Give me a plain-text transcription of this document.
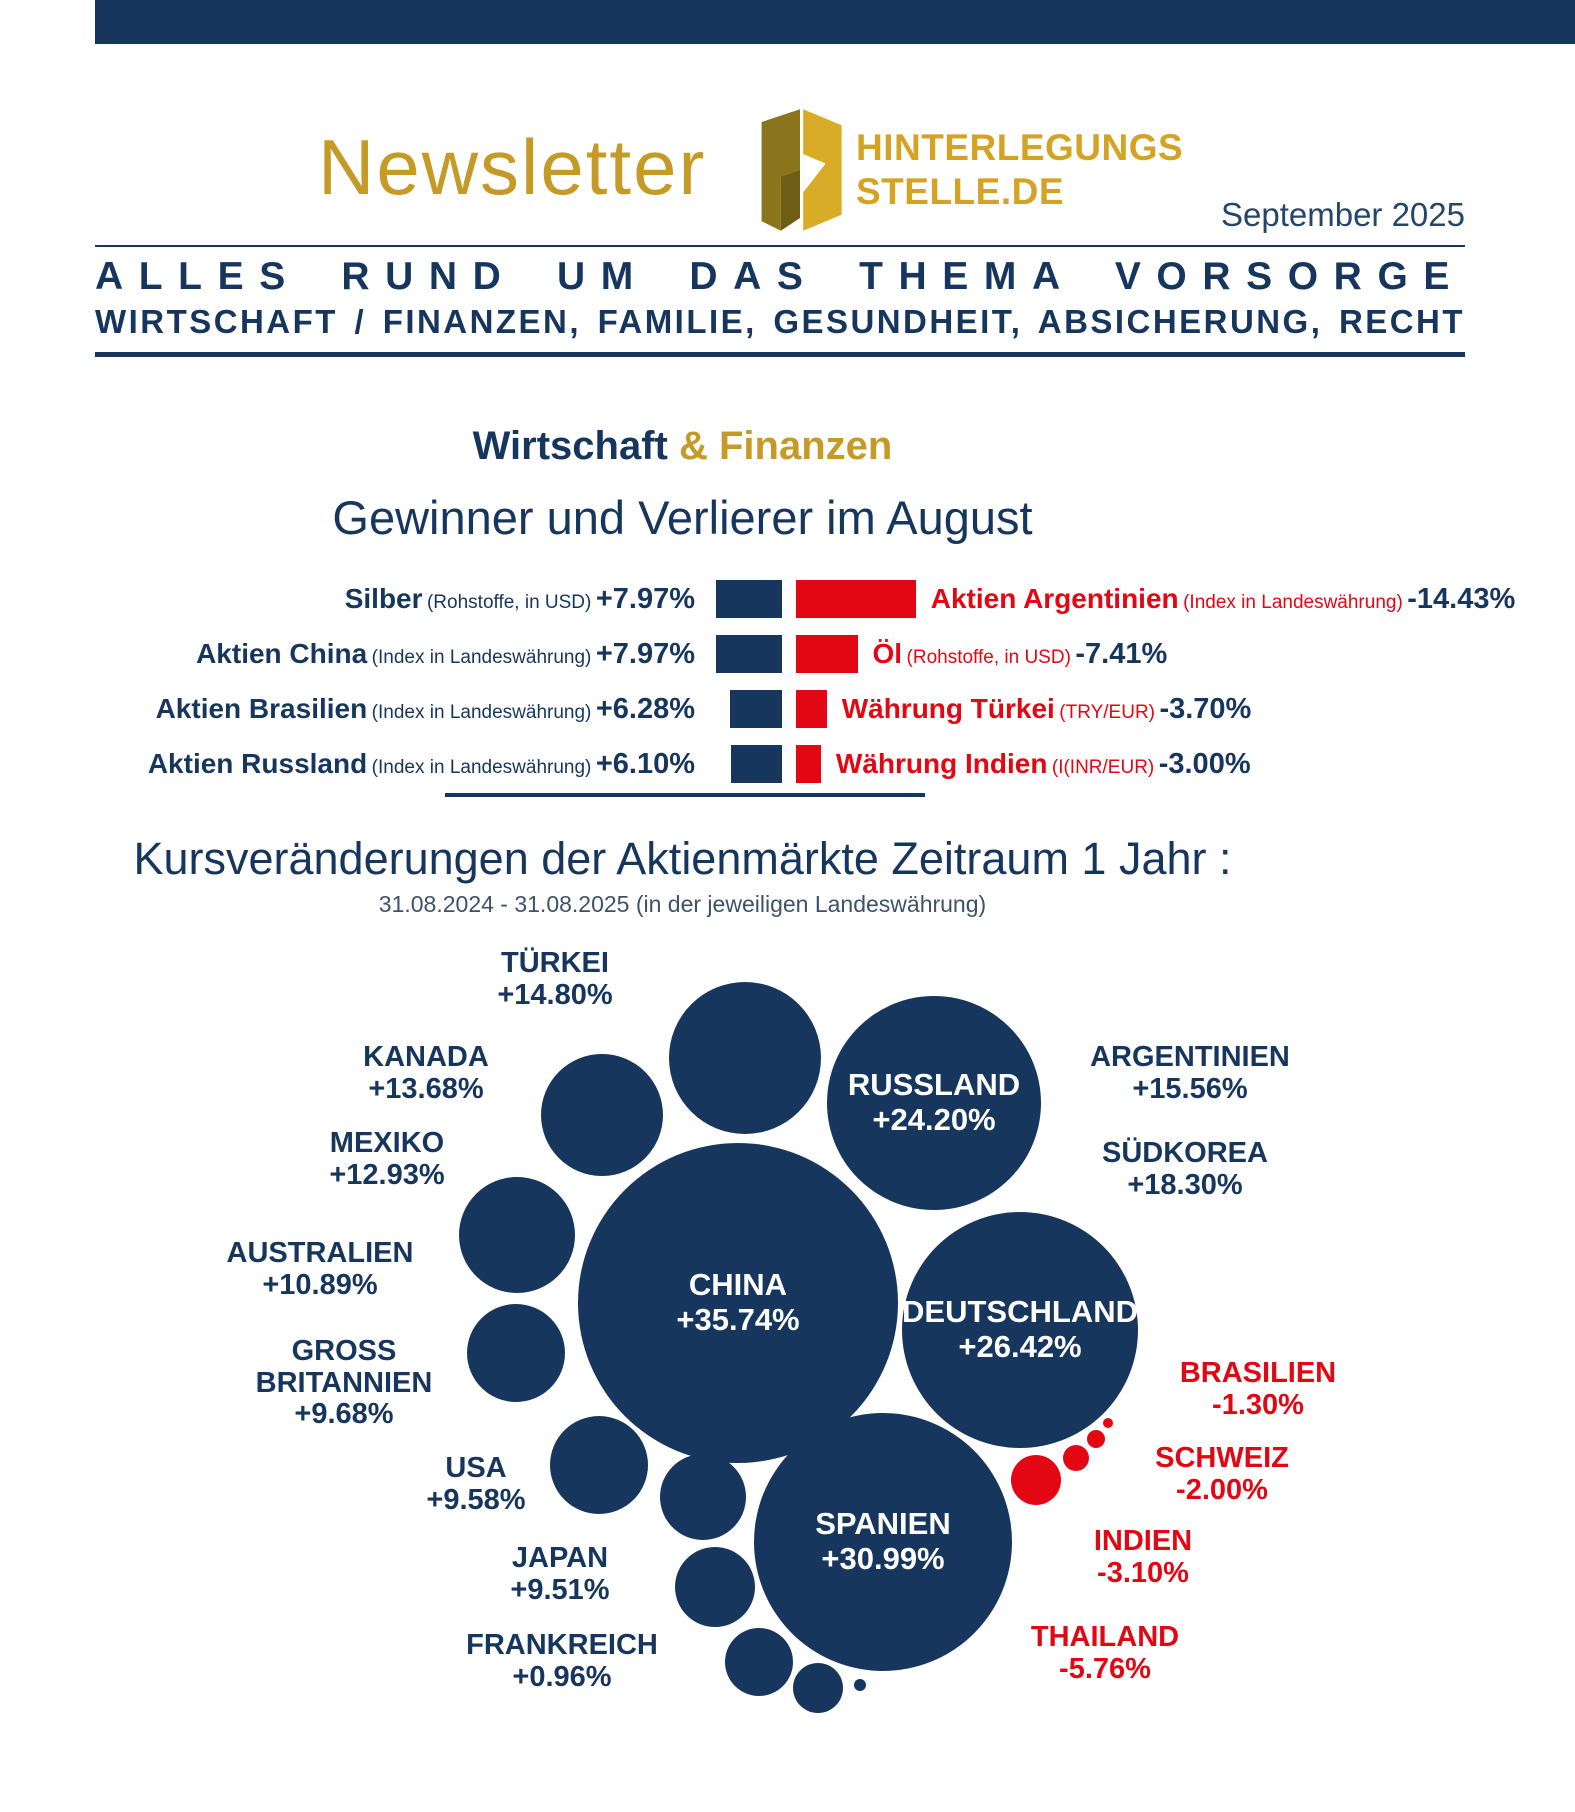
Newsletter	HINTERLEGUNGS
STELLE.DE
September 2025
ALLES RUND UM DAS THEMA VORSORGE
WIRTSCHAFT / FINANZEN, FAMILIE, GESUNDHEIT, ABSICHERUNG, RECHT
Wirtschaft & Finanzen
Gewinner und Verlierer im August
Silber (Rohstoffe, in USD) +7.97%
Aktien China (Index in Landeswährung) +7.97%
Aktien Brasilien (Index in Landeswährung) +6.28%
Aktien Russland (Index in Landeswährung) +6.10%
Aktien Argentinien (Index in Landeswährung) -14.43%
Öl (Rohstoffe, in USD) -7.41%
Währung Türkei (TRY/EUR) -3.70%
Währung Indien (I(INR/EUR) -3.00%
Kursveränderungen der Aktienmärkte Zeitraum 1 Jahr :
31.08.2024 - 31.08.2025 (in der jeweiligen Landeswährung)
CHINA
+35.74%
SPANIEN
+30.99%
DEUTSCHLAND
+26.42%
RUSSLAND
+24.20%
TÜRKEI
+14.80%
KANADA
+13.68%
MEXIKO
+12.93%
AUSTRALIEN
+10.89%
GROSS
BRITANNIEN
+9.68%
USA
+9.58%
JAPAN
+9.51%
FRANKREICH
+0.96%
ARGENTINIEN
+15.56%
SÜDKOREA
+18.30%
BRASILIEN
-1.30%
SCHWEIZ
-2.00%
INDIEN
-3.10%
THAILAND
-5.76%
